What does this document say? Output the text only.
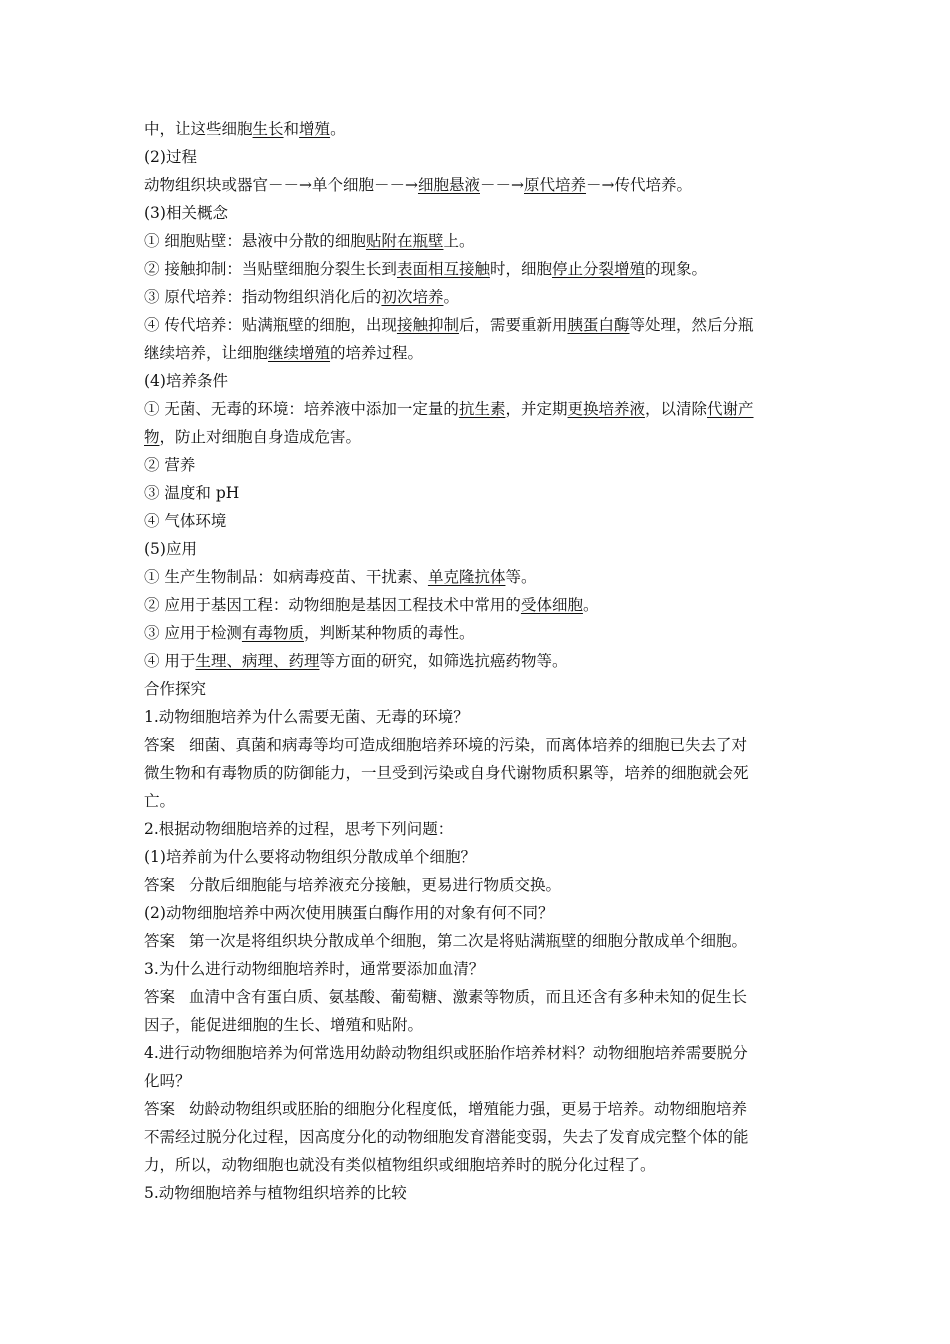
中，让这些细胞生长和增殖。

(2)过程

动物组织块或器官－－→单个细胞－－→细胞悬液－－→原代培养－→传代培养。

(3)相关概念

① 细胞贴壁：悬液中分散的细胞贴附在瓶壁上。

② 接触抑制：当贴壁细胞分裂生长到表面相互接触时，细胞停止分裂增殖的现象。

③ 原代培养：指动物组织消化后的初次培养。

④ 传代培养：贴满瓶壁的细胞，出现接触抑制后，需要重新用胰蛋白酶等处理，然后分瓶

继续培养，让细胞继续增殖的培养过程。

(4)培养条件

① 无菌、无毒的环境：培养液中添加一定量的抗生素，并定期更换培养液，以清除代谢产

物，防止对细胞自身造成危害。

② 营养

③ 温度和 pH

④ 气体环境

(5)应用

① 生产生物制品：如病毒疫苗、干扰素、单克隆抗体等。

② 应用于基因工程：动物细胞是基因工程技术中常用的受体细胞。

③ 应用于检测有毒物质，判断某种物质的毒性。

④ 用于生理、病理、药理等方面的研究，如筛选抗癌药物等。

合作探究

1.动物细胞培养为什么需要无菌、无毒的环境？

答案 细菌、真菌和病毒等均可造成细胞培养环境的污染，而离体培养的细胞已失去了对

微生物和有毒物质的防御能力，一旦受到污染或自身代谢物质积累等，培养的细胞就会死

亡。

2.根据动物细胞培养的过程，思考下列问题：

(1)培养前为什么要将动物组织分散成单个细胞？

答案 分散后细胞能与培养液充分接触，更易进行物质交换。

(2)动物细胞培养中两次使用胰蛋白酶作用的对象有何不同？

答案 第一次是将组织块分散成单个细胞，第二次是将贴满瓶壁的细胞分散成单个细胞。

3.为什么进行动物细胞培养时，通常要添加血清？

答案 血清中含有蛋白质、氨基酸、葡萄糖、激素等物质，而且还含有多种未知的促生长

因子，能促进细胞的生长、增殖和贴附。

4.进行动物细胞培养为何常选用幼龄动物组织或胚胎作培养材料？动物细胞培养需要脱分

化吗？

答案 幼龄动物组织或胚胎的细胞分化程度低，增殖能力强，更易于培养。动物细胞培养

不需经过脱分化过程，因高度分化的动物细胞发育潜能变弱，失去了发育成完整个体的能

力，所以，动物细胞也就没有类似植物组织或细胞培养时的脱分化过程了。

5.动物细胞培养与植物组织培养的比较
